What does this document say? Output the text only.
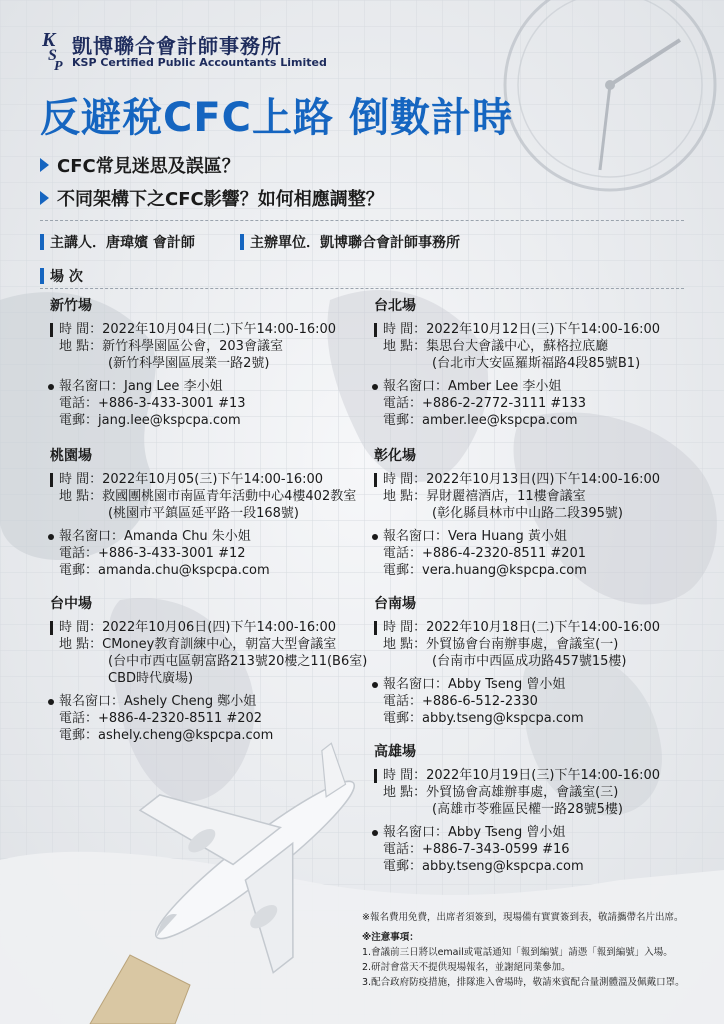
K
S
P
凱博聯合會計師事務所
KSP Certified Public Accountants Limited
反避稅CFC上路 倒數計時
CFC常見迷思及誤區？
不同架構下之CFC影響？如何相應調整？
主講人．唐瑋嬪 會計師	主辦單位．凱博聯合會計師事務所
場 次
新竹場
時 間：2022年10月04日(二)下午14:00-16:00
地 點：新竹科學園區公會，203會議室
(新竹科學園區展業一路2號)
報名窗口：Jang Lee 李小姐
電話：+886-3-433-3001 #13
電郵：jang.lee@kspcpa.com
桃園場
時 間：2022年10月05(三)下午14:00-16:00
地 點：救國團桃園市南區青年活動中心4樓402教室
(桃園市平鎮區延平路一段168號)
報名窗口：Amanda Chu 朱小姐
電話：+886-3-433-3001 #12
電郵：amanda.chu@kspcpa.com
台中場
時 間：2022年10月06日(四)下午14:00-16:00
地 點：CMoney教育訓練中心，朝富大型會議室
(台中市西屯區朝富路213號20樓之11(B6室)
CBD時代廣場)
報名窗口：Ashely Cheng 鄭小姐
電話：+886-4-2320-8511 #202
電郵：ashely.cheng@kspcpa.com
台北場
時 間：2022年10月12日(三)下午14:00-16:00
地 點：集思台大會議中心，蘇格拉底廳
(台北市大安區羅斯福路4段85號B1)
報名窗口：Amber Lee 李小姐
電話：+886-2-2772-3111 #133
電郵：amber.lee@kspcpa.com
彰化場
時 間：2022年10月13日(四)下午14:00-16:00
地 點：昇財麗禧酒店，11樓會議室
(彰化縣員林市中山路二段395號)
報名窗口：Vera Huang 黃小姐
電話：+886-4-2320-8511 #201
電郵：vera.huang@kspcpa.com
台南場
時 間：2022年10月18日(二)下午14:00-16:00
地 點：外貿協會台南辦事處，會議室(一)
(台南市中西區成功路457號15樓)
報名窗口：Abby Tseng 曾小姐
電話：+886-6-512-2330
電郵：abby.tseng@kspcpa.com
高雄場
時 間：2022年10月19日(三)下午14:00-16:00
地 點：外貿協會高雄辦事處，會議室(三)
(高雄市苓雅區民權一路28號5樓)
報名窗口：Abby Tseng 曾小姐
電話：+886-7-343-0599 #16
電郵：abby.tseng@kspcpa.com
※報名費用免費，出席者須簽到，現場備有實實簽到表，敬請攜帶名片出席。
※注意事項：
1.會議前三日將以email或電話通知「報到編號」請憑「報到編號」入場。
2.研討會當天不提供現場報名，並謝絕同業參加。
3.配合政府防疫措施，排隊進入會場時，敬請來賓配合量測體溫及佩戴口罩。
